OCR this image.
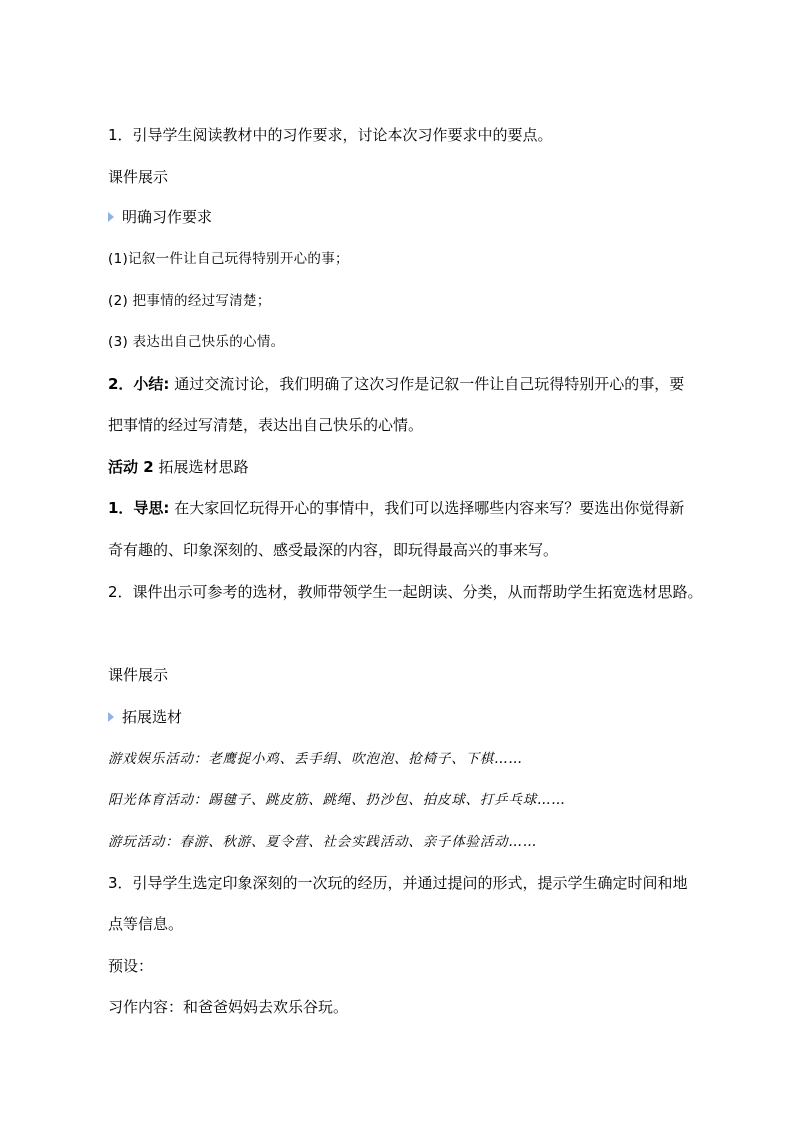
1．引导学生阅读教材中的习作要求，讨论本次习作要求中的要点。
课件展示
明确习作要求
(1)记叙一件让自己玩得特别开心的事；
(2) 把事情的经过写清楚；
(3) 表达出自己快乐的心情。
2．小结: 通过交流讨论，我们明确了这次习作是记叙一件让自己玩得特别开心的事，要
把事情的经过写清楚，表达出自己快乐的心情。
活动 2 拓展选材思路
1．导思: 在大家回忆玩得开心的事情中，我们可以选择哪些内容来写？要选出你觉得新
奇有趣的、印象深刻的、感受最深的内容，即玩得最高兴的事来写。
2．课件出示可参考的选材，教师带领学生一起朗读、分类，从而帮助学生拓宽选材思路。
课件展示
拓展选材
游戏娱乐活动：老鹰捉小鸡、丢手绢、吹泡泡、抢椅子、下棋……
阳光体育活动：踢毽子、跳皮筋、跳绳、扔沙包、拍皮球、打乒乓球……
游玩活动：春游、秋游、夏令营、社会实践活动、亲子体验活动……
3．引导学生选定印象深刻的一次玩的经历，并通过提问的形式，提示学生确定时间和地
点等信息。
预设：
习作内容：和爸爸妈妈去欢乐谷玩。
